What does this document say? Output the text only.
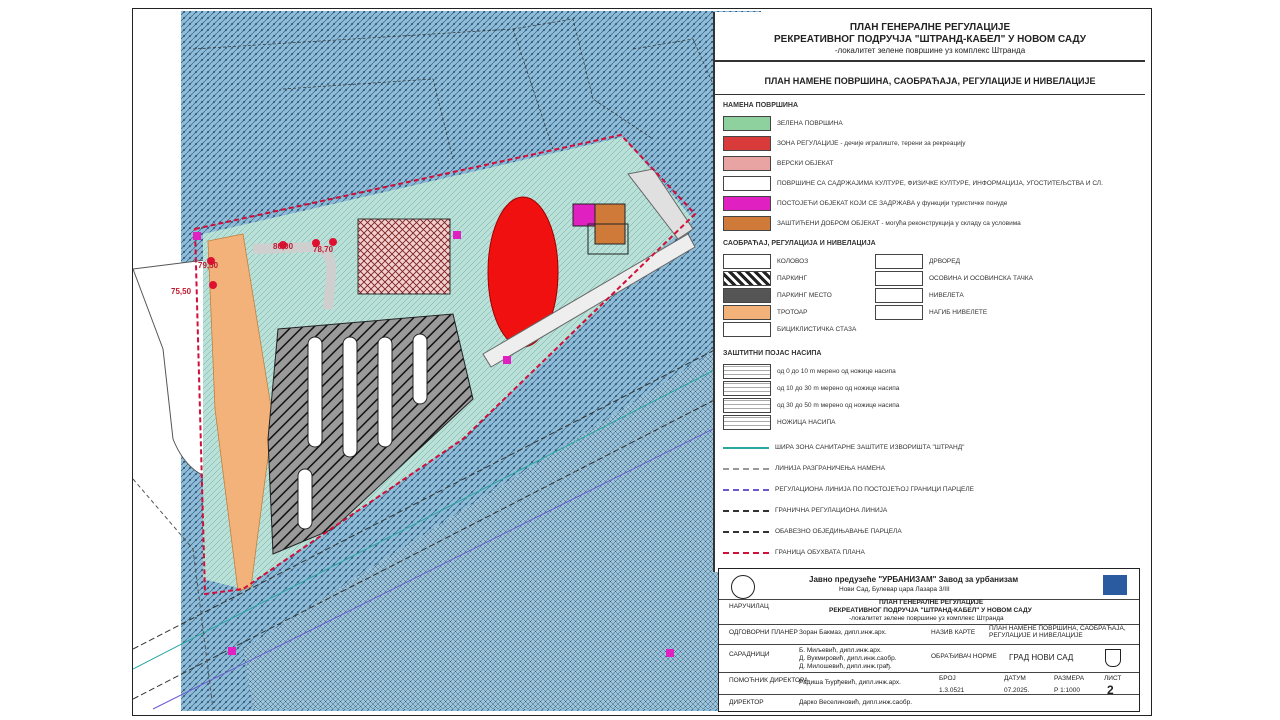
80,00
79,50
75,50
78,70
ПЛАН ГЕНЕРАЛНЕ РЕГУЛАЦИЈЕ
РЕКРЕАТИВНОГ ПОДРУЧЈА "ШТРАНД-КАБЕЛ" У НОВОМ САДУ
-локалитет зелене површине уз комплекс Штранда
ПЛАН НАМЕНЕ ПОВРШИНА, САОБРАЋАЈА, РЕГУЛАЦИЈЕ И НИВЕЛАЦИЈЕ
НАМЕНА ПОВРШИНА
САОБРАЋАЈ, РЕГУЛАЦИЈА И НИВЕЛАЦИЈА
ЗАШТИТНИ ПОЈАС НАСИПА
ЗЕЛЕНА ПОВРШИНА
ЗОНА РЕГУЛАЦИЈЕ - дечије игралиште, терени за рекреацију
ВЕРСКИ ОБЈЕКАТ
ПОВРШИНЕ СА САДРЖАЈИМА КУЛТУРЕ, ФИЗИЧКЕ КУЛТУРЕ, ИНФОРМАЦИЈА, УГОСТИТЕЉСТВА И СЛ.
ПОСТОЈЕЋИ ОБЈЕКАТ КОЈИ СЕ ЗАДРЖАВА у функцији туристичке понуде
ЗАШТИЋЕНИ ДОБРОМ ОБЈЕКАТ - могућа реконструкција у складу са условима
КОЛОВОЗ
ПАРКИНГ
ПАРКИНГ МЕСТО
ТРОТОАР
БИЦИКЛИСТИЧКА СТАЗА
ДРВОРЕД
ОСОВИНА И ОСОВИНСКА ТАЧКА
НИВЕЛЕТА
НАГИБ НИВЕЛЕТЕ
од 0 до 10 m мерено од ножице насипа
од 10 до 30 m мерено од ножице насипа
од 30 до 50 m мерено од ножице насипа
НОЖИЦА НАСИПА
ШИРА ЗОНА САНИТАРНЕ ЗАШТИТЕ ИЗВОРИШТА "ШТРАНД"
ЛИНИЈА РАЗГРАНИЧЕЊА НАМЕНА
РЕГУЛАЦИОНА ЛИНИЈА ПО ПОСТОЈЕЋОЈ ГРАНИЦИ ПАРЦЕЛЕ
ГРАНИЧНА РЕГУЛАЦИОНА ЛИНИЈА
ОБАВЕЗНО ОБЈЕДИЊАВАЊЕ ПАРЦЕЛА
ГРАНИЦА ОБУХВАТА ПЛАНА
Јавно предузеће "УРБАНИЗАМ" Завод за урбанизам
Нови Сад, Булевар цара Лазара 3/III
НАРУЧИЛАЦ
ПЛАН ГЕНЕРАЛНЕ РЕГУЛАЦИЈЕ
РЕКРЕАТИВНОГ ПОДРУЧЈА "ШТРАНД-КАБЕЛ" У НОВОМ САДУ
-локалитет зелене површине уз комплекс Штранда
ОДГОВОРНИ ПЛАНЕР Зоран Бакмаз, дипл.инж.арх.	НАЗИВ КАРТЕ
ПЛАН НАМЕНЕ ПОВРШИНА, САОБРАЋАЈА, РЕГУЛАЦИЈЕ И НИВЕЛАЦИЈЕ
САРАДНИЦИ
Б. Миљевић, дипл.инж.арх.
Д. Вукмировић, дипл.инж.саобр.
Д. Милошевић, дипл.инж.грађ.
ОБРАЂИВАЧ НОРМЕ ГРАД НОВИ САД
ПОМОЋНИК ДИРЕКТОРА
Радиша Ђурђевић, дипл.инж.арх.
БРОЈ	ДАТУМ	РАЗМЕРА	ЛИСТ
1.3.0521	07.2025.	Р 1:1000 2
ДИРЕКТОР	Дарко Веселиновић, дипл.инж.саобр.
